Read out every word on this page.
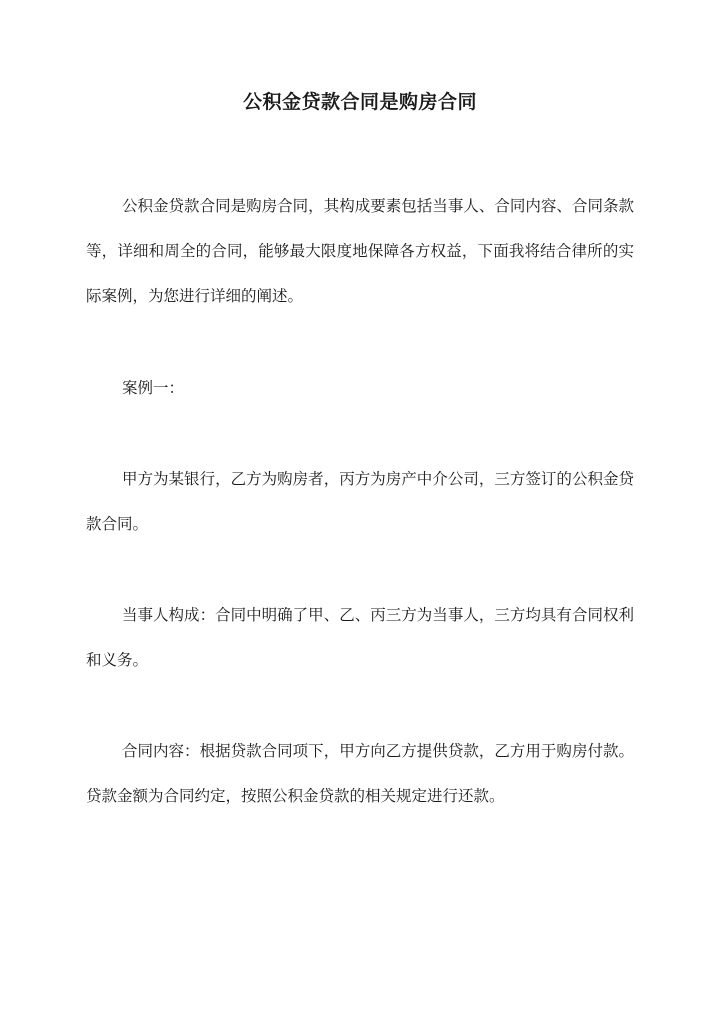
公积金贷款合同是购房合同

公积金贷款合同是购房合同，其构成要素包括当事人、合同内容、合同条款等，详细和周全的合同，能够最大限度地保障各方权益，下面我将结合律所的实际案例，为您进行详细的阐述。

案例一：

甲方为某银行，乙方为购房者，丙方为房产中介公司，三方签订的公积金贷款合同。

当事人构成：合同中明确了甲、乙、丙三方为当事人，三方均具有合同权利和义务。

合同内容：根据贷款合同项下，甲方向乙方提供贷款，乙方用于购房付款。贷款金额为合同约定，按照公积金贷款的相关规定进行还款。
